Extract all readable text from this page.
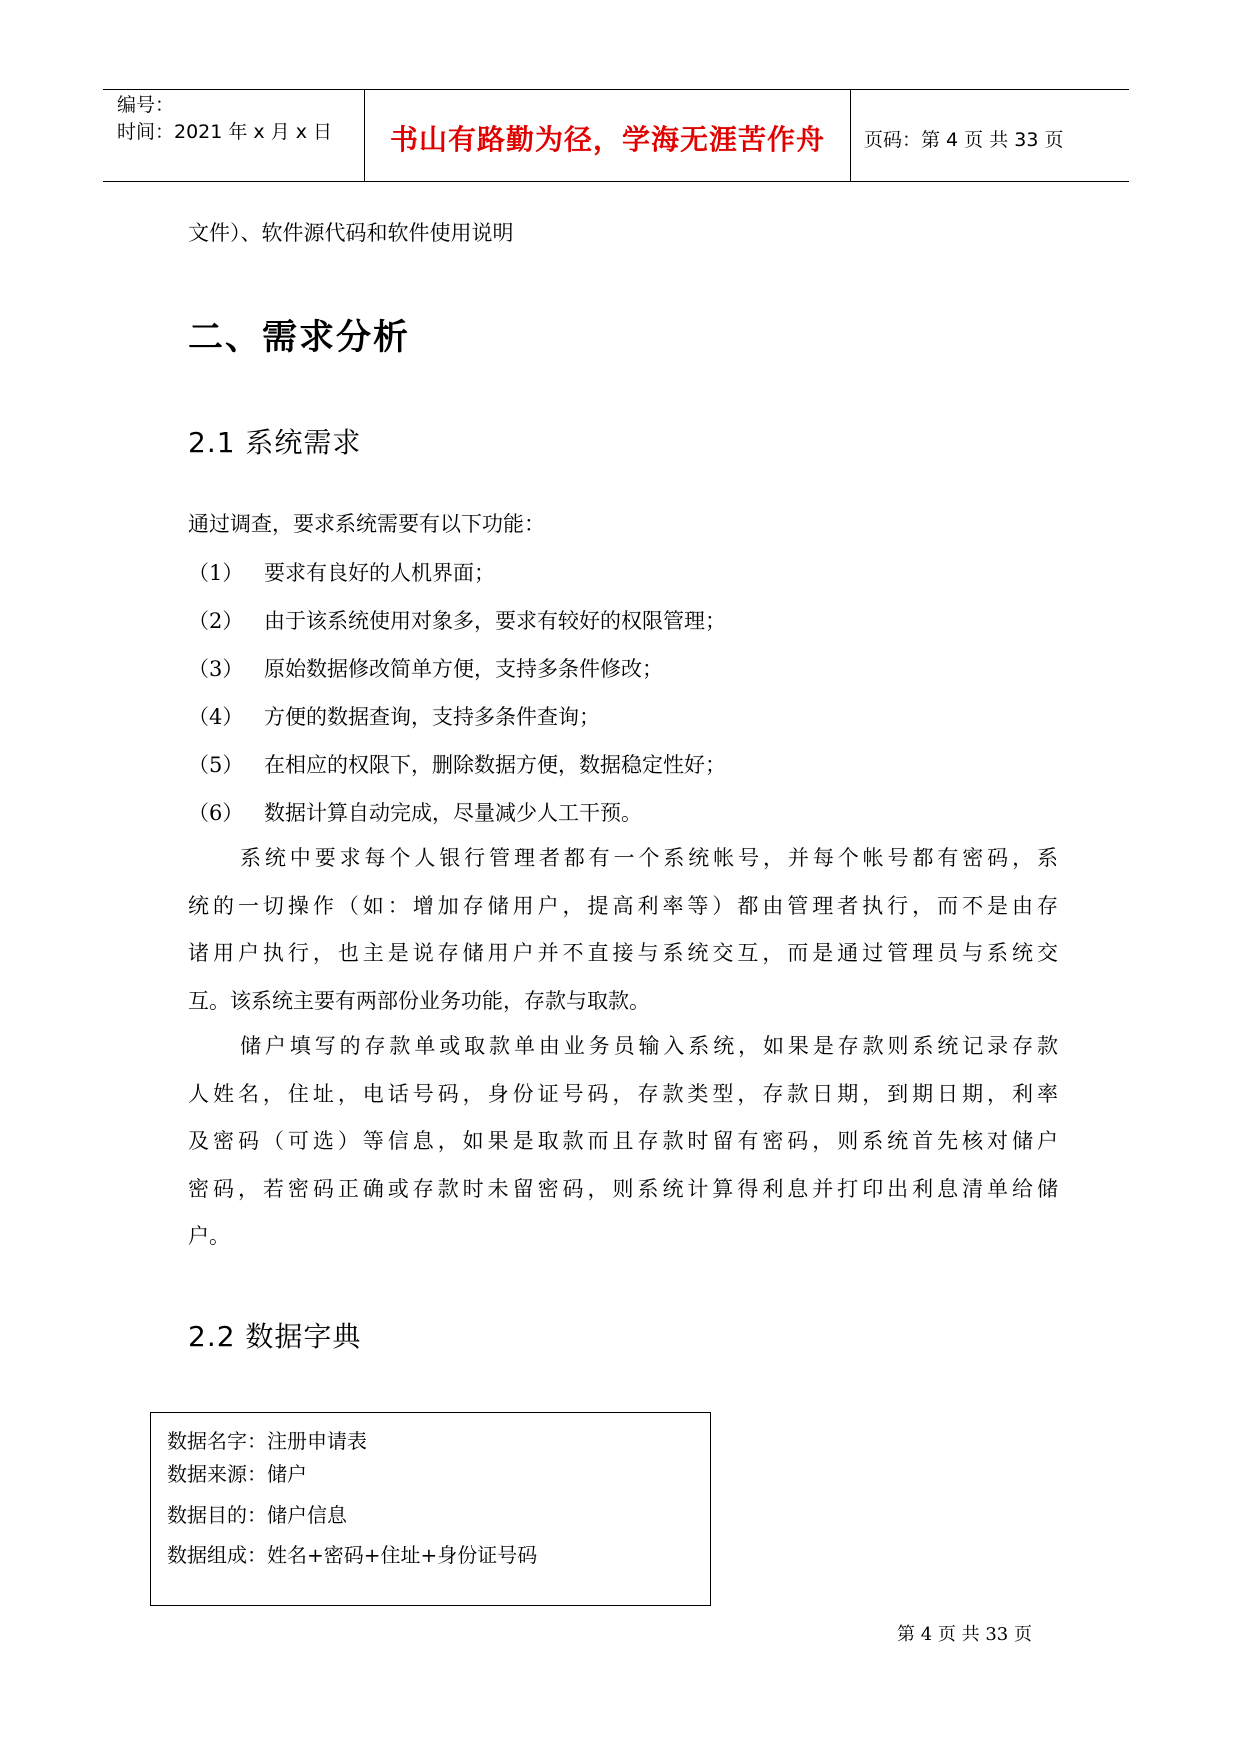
编号：
时间：2021 年 x 月 x 日 书山有路勤为径，学海无涯苦作舟 页码：第 4 页 共 33 页
文件）、软件源代码和软件使用说明
二、需求分析
2.1 系统需求
通过调查，要求系统需要有以下功能：
（1） 要求有良好的人机界面；
（2） 由于该系统使用对象多，要求有较好的权限管理；
（3） 原始数据修改简单方便，支持多条件修改；
（4） 方便的数据查询，支持多条件查询；
（5） 在相应的权限下，删除数据方便，数据稳定性好；
（6） 数据计算自动完成，尽量减少人工干预。
系统中要求每个人银行管理者都有一个系统帐号，并每个帐号都有密码，系
统的一切操作（如：增加存储用户，提高利率等）都由管理者执行，而不是由存
诸用户执行，也主是说存储用户并不直接与系统交互，而是通过管理员与系统交
互。该系统主要有两部份业务功能，存款与取款。
储户填写的存款单或取款单由业务员输入系统，如果是存款则系统记录存款
人姓名，住址，电话号码，身份证号码，存款类型，存款日期，到期日期，利率
及密码（可选）等信息，如果是取款而且存款时留有密码，则系统首先核对储户
密码，若密码正确或存款时未留密码，则系统计算得利息并打印出利息清单给储
户。
2.2 数据字典
数据名字：注册申请表
数据来源：储户
数据目的：储户信息
数据组成：姓名+密码+住址+身份证号码
第 4 页 共 33 页
